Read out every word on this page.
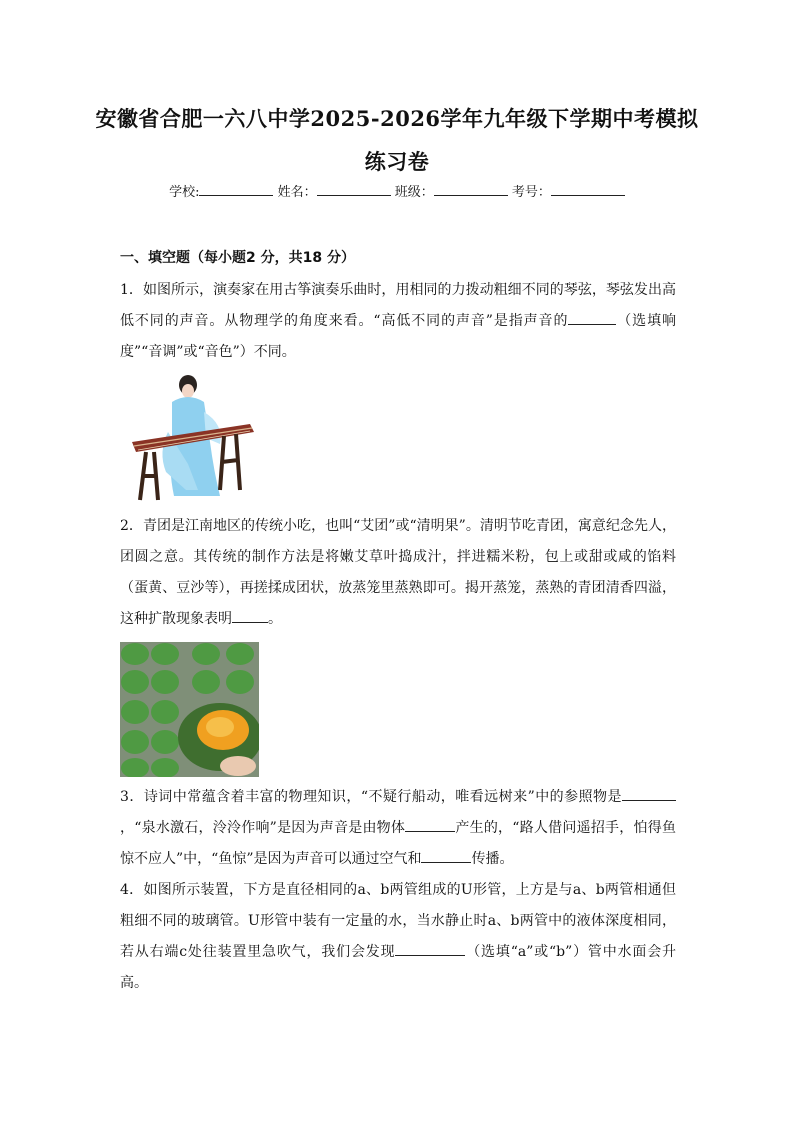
安徽省合肥一六八中学2025-2026学年九年级下学期中考模拟
练习卷
学校:	姓名：	班级：	考号：
一、填空题（每小题2 分，共18 分）
1．如图所示，演奏家在用古筝演奏乐曲时，用相同的力拨动粗细不同的琴弦，琴弦发出高低不同的声音。从物理学的角度来看。“高低不同的声音”是指声音的	（选填响度”“音调”或“音色”）不同。
2．青团是江南地区的传统小吃，也叫“艾团”或“清明果”。清明节吃青团，寓意纪念先人，团圆之意。其传统的制作方法是将嫩艾草叶捣成汁，拌进糯米粉，包上或甜或咸的馅料（蛋黄、豆沙等），再搓揉成团状，放蒸笼里蒸熟即可。揭开蒸笼，蒸熟的青团清香四溢，这种扩散现象表明	。
3．诗词中常蕴含着丰富的物理知识，“不疑行船动，唯看远树来”中的参照物是，“泉水激石，泠泠作响”是因为声音是由物体	产生的，“路人借问遥招手，怕得鱼惊不应人”中，“鱼惊”是因为声音可以通过空气和	传播。
4．如图所示装置，下方是直径相同的a、b两管组成的U形管，上方是与a、b两管相通但粗细不同的玻璃管。U形管中装有一定量的水，当水静止时a、b两管中的液体深度相同，若从右端c处往装置里急吹气，我们会发现	（选填“a”或“b”）管中水面会升高。
